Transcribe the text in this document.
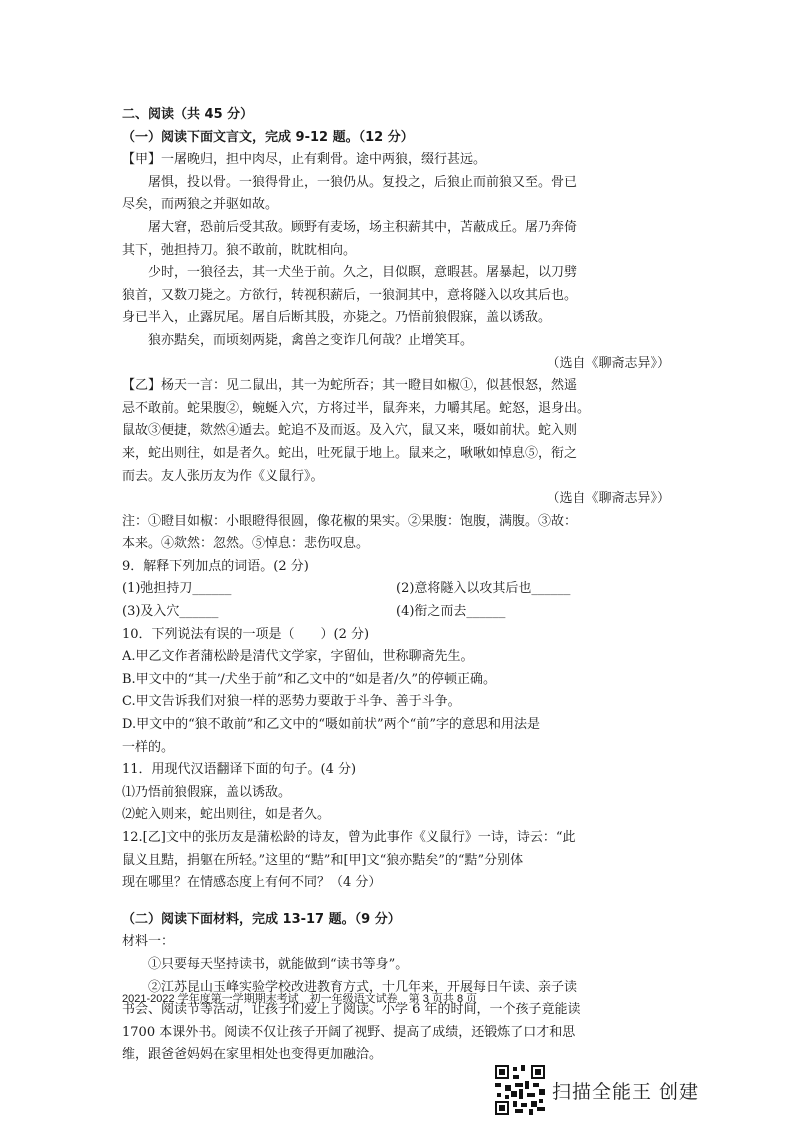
二、阅读（共 45 分）
（一）阅读下面文言文，完成 9-12 题。（12 分）
【甲】一屠晚归，担中肉尽，止有剩骨。途中两狼，缀行甚远。
屠惧，投以骨。一狼得骨止，一狼仍从。复投之，后狼止而前狼又至。骨已
尽矣，而两狼之并驱如故。
屠大窘，恐前后受其敌。顾野有麦场，场主积薪其中，苫蔽成丘。屠乃奔倚
其下，弛担持刀。狼不敢前，眈眈相向。
少时，一狼径去，其一犬坐于前。久之，目似瞑，意暇甚。屠暴起，以刀劈
狼首，又数刀毙之。方欲行，转视积薪后，一狼洞其中，意将隧入以攻其后也。
身已半入，止露尻尾。屠自后断其股，亦毙之。乃悟前狼假寐，盖以诱敌。
狼亦黠矣，而顷刻两毙，禽兽之变诈几何哉？止增笑耳。
（选自《聊斋志异》）
【乙】杨天一言：见二鼠出，其一为蛇所吞；其一瞪目如椒①，似甚恨怒，然遥
忌不敢前。蛇果腹②，蜿蜒入穴，方将过半，鼠奔来，力嚼其尾。蛇怒，退身出。
鼠故③便捷，欻然④遁去。蛇追不及而返。及入穴，鼠又来，嗫如前状。蛇入则
来，蛇出则往，如是者久。蛇出，吐死鼠于地上。鼠来之，啾啾如悼息⑤，衔之
而去。友人张历友为作《义鼠行》。
（选自《聊斋志异》）
注：①瞪目如椒：小眼瞪得很圆，像花椒的果实。②果腹：饱腹，满腹。③故：
本来。④欻然：忽然。⑤悼息：悲伤叹息。
9．解释下列加点的词语。(2 分)
(1)弛担持刀______	(2)意将隧入以攻其后也______
(3)及入穴______	(4)衔之而去______
10．下列说法有误的一项是（　　）(2 分)
A.甲乙文作者蒲松龄是清代文学家，字留仙，世称聊斋先生。
B.甲文中的“其一/犬坐于前”和乙文中的“如是者/久”的停顿正确。
C.甲文告诉我们对狼一样的恶势力要敢于斗争、善于斗争。
D.甲文中的“狼不敢前”和乙文中的“嗫如前状”两个“前”字的意思和用法是
一样的。
11．用现代汉语翻译下面的句子。(4 分)
⑴乃悟前狼假寐，盖以诱敌。
⑵蛇入则来，蛇出则往，如是者久。
12.[乙]文中的张历友是蒲松龄的诗友，曾为此事作《义鼠行》一诗，诗云：“此
鼠义且黠，捐躯在所轻。”这里的“黠”和[甲]文“狼亦黠矣”的“黠”分别体
现在哪里？在情感态度上有何不同？（4 分）
（二）阅读下面材料，完成 13-17 题。（9 分）
材料一：
①只要每天坚持读书，就能做到“读书等身”。
②江苏昆山玉峰实验学校改进教育方式，十几年来，开展每日午读、亲子读
书会、阅读节等活动，让孩子们爱上了阅读。小学 6 年的时间，一个孩子竟能读
1700 本课外书。阅读不仅让孩子开阔了视野、提高了成绩，还锻炼了口才和思
维，跟爸爸妈妈在家里相处也变得更加融洽。
2021-2022 学年度第一学期期末考试　初一年级语文试卷　第 3 页共 8 页
扫描全能王 创建
